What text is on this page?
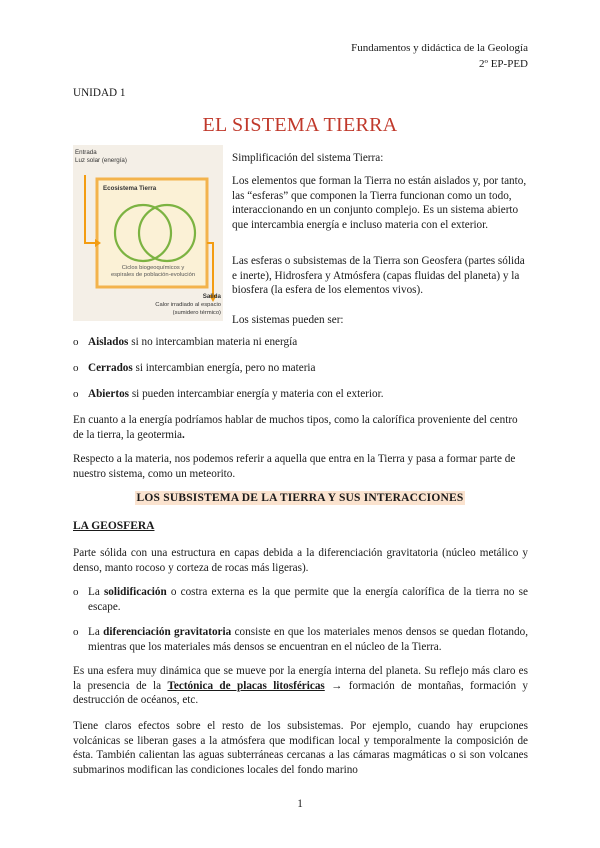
Fundamentos y didáctica de la Geología
2º EP-PED
UNIDAD 1
EL SISTEMA TIERRA
Entrada
Luz solar (energía)
Ecosistema Tierra
Ciclos biogeoquímicos y
espirales de población-evolución
Salida
Calor irradiado al espacio
(sumidero térmico)

Simplificación del sistema Tierra:

Los elementos que forman la Tierra no están aislados y, por tanto, las “esferas” que componen la Tierra funcionan como un todo, interaccionando en un conjunto complejo. Es un sistema abierto que intercambia energía e incluso materia con el exterior.

Las esferas o subsistemas de la Tierra son Geosfera (partes sólida e inerte), Hidrosfera y Atmósfera (capas fluidas del planeta) y la biosfera (la esfera de los elementos vivos).

Los sistemas pueden ser:

o Aislados si no intercambian materia ni energía
o Cerrados si intercambian energía, pero no materia
o Abiertos si pueden intercambiar energía y materia con el exterior.

En cuanto a la energía podríamos hablar de muchos tipos, como la calorífica proveniente del centro de la tierra, la geotermia.

Respecto a la materia, nos podemos referir a aquella que entra en la Tierra y pasa a formar parte de nuestro sistema, como un meteorito.

LOS SUBSISTEMA DE LA TIERRA Y SUS INTERACCIONES
LA GEOSFERA

Parte sólida con una estructura en capas debida a la diferenciación gravitatoria (núcleo metálico y denso, manto rocoso y corteza de rocas más ligeras).

o La solidificación o costra externa es la que permite que la energía calorífica de la tierra no se escape.
o La diferenciación gravitatoria consiste en que los materiales menos densos se quedan flotando, mientras que los materiales más densos se encuentran en el núcleo de la Tierra.

Es una esfera muy dinámica que se mueve por la energía interna del planeta. Su reflejo más claro es la presencia de la Tectónica de placas litosféricas → formación de montañas, formación y destrucción de océanos, etc.

Tiene claros efectos sobre el resto de los subsistemas. Por ejemplo, cuando hay erupciones volcánicas se liberan gases a la atmósfera que modifican local y temporalmente la composición de ésta. También calientan las aguas subterráneas cercanas a las cámaras magmáticas o si son volcanes submarinos modifican las condiciones locales del fondo marino

1
